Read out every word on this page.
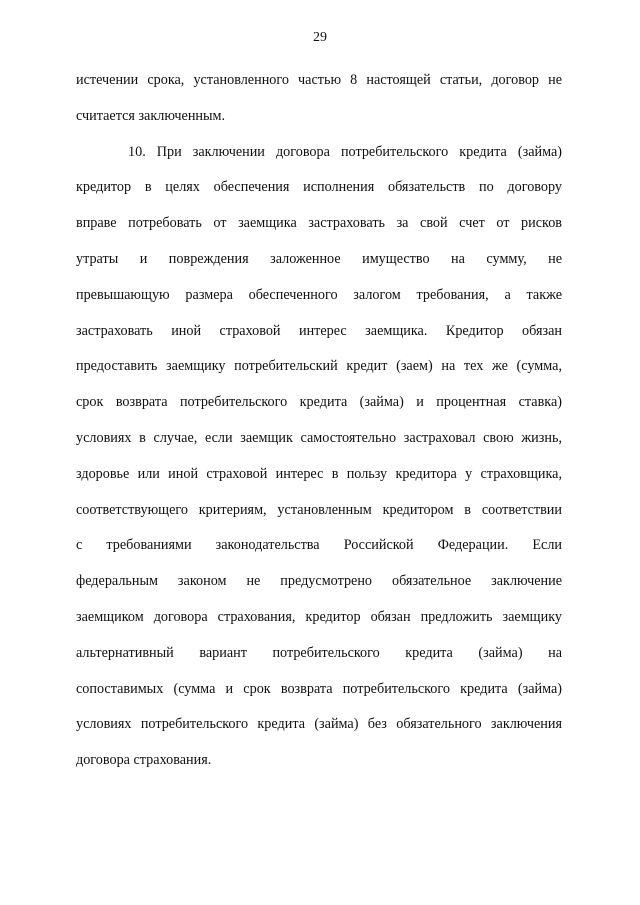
29
истечении срока, установленного частью 8 настоящей статьи, договор не
считается заключенным.
10. При заключении договора потребительского кредита (займа)
кредитор в целях обеспечения исполнения обязательств по договору
вправе потребовать от заемщика застраховать за свой счет от рисков
утраты и повреждения заложенное имущество на сумму, не
превышающую размера обеспеченного залогом требования, а также
застраховать иной страховой интерес заемщика. Кредитор обязан
предоставить заемщику потребительский кредит (заем) на тех же (сумма,
срок возврата потребительского кредита (займа) и процентная ставка)
условиях в случае, если заемщик самостоятельно застраховал свою жизнь,
здоровье или иной страховой интерес в пользу кредитора у страховщика,
соответствующего критериям, установленным кредитором в соответствии
с требованиями законодательства Российской Федерации. Если
федеральным законом не предусмотрено обязательное заключение
заемщиком договора страхования, кредитор обязан предложить заемщику
альтернативный вариант потребительского кредита (займа) на
сопоставимых (сумма и срок возврата потребительского кредита (займа)
условиях потребительского кредита (займа) без обязательного заключения
договора страхования.
